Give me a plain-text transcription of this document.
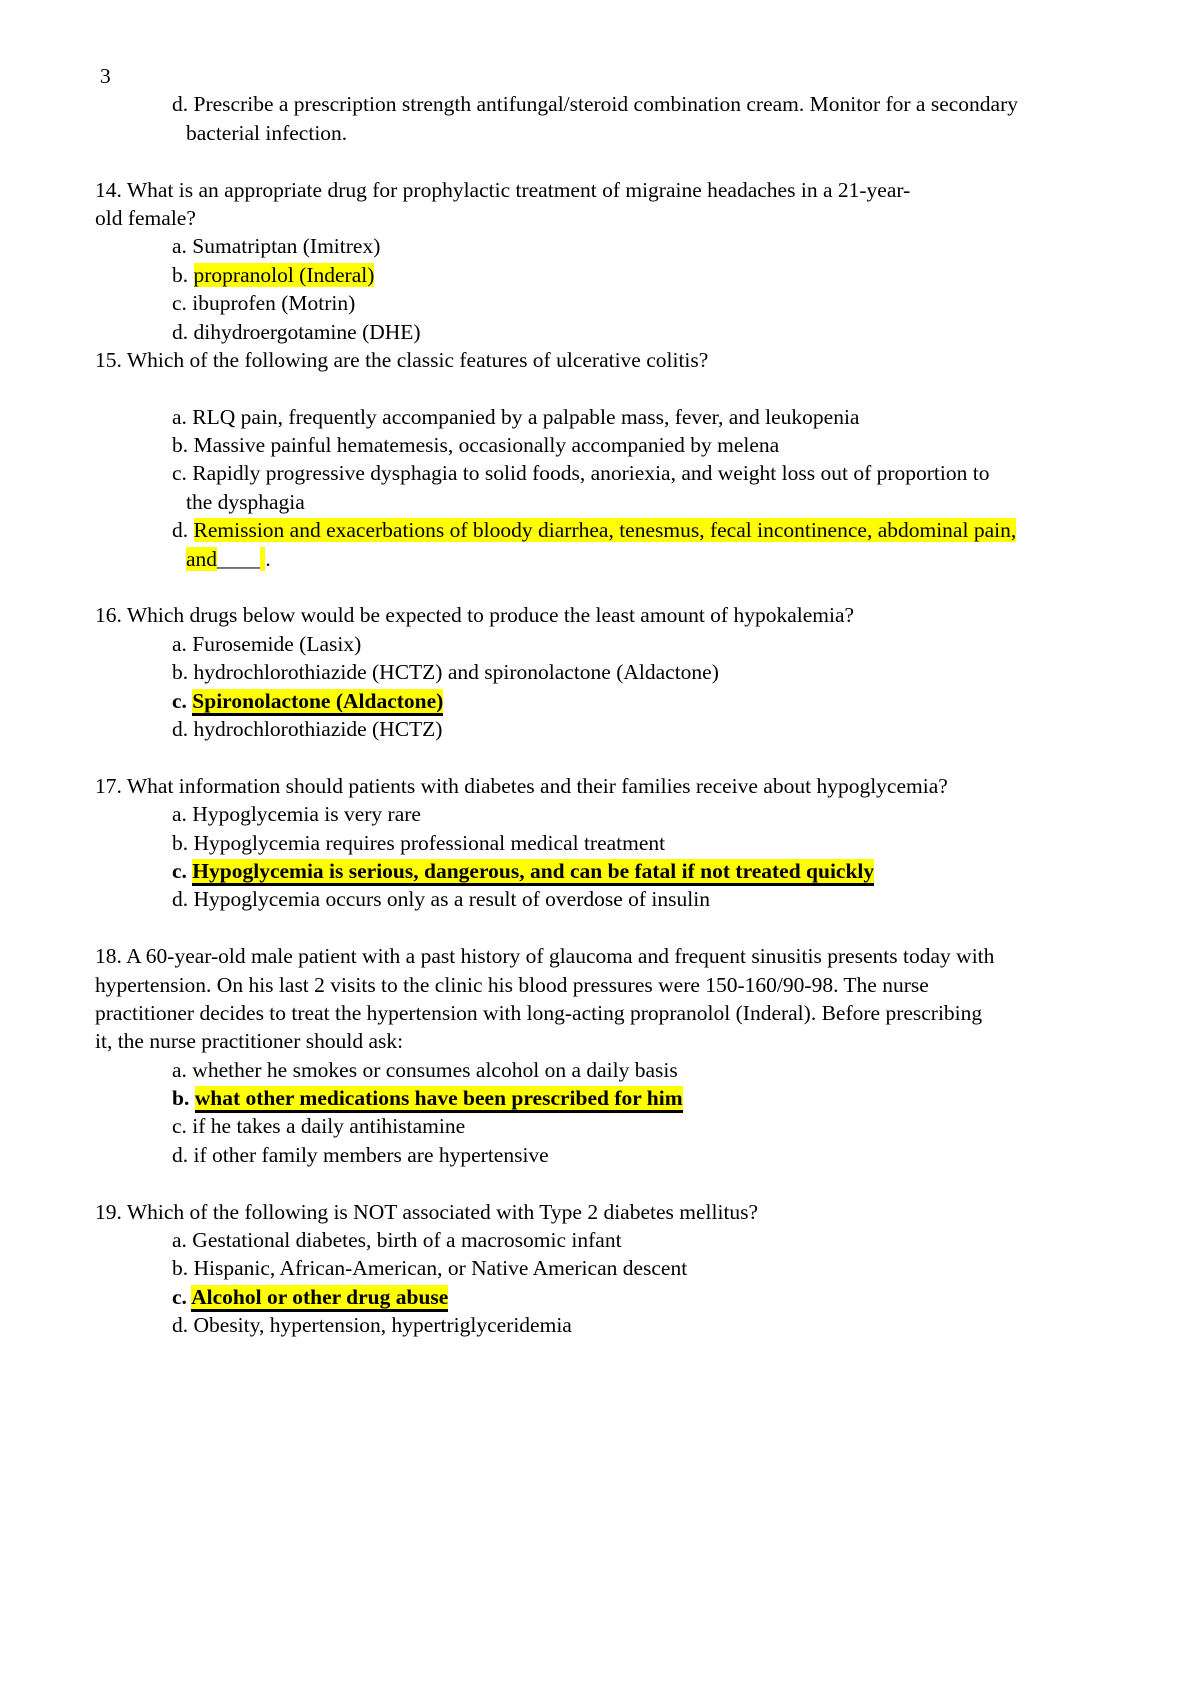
3
d. Prescribe a prescription strength antifungal/steroid combination cream. Monitor for a secondary
bacterial infection.
14. What is an appropriate drug for prophylactic treatment of migraine headaches in a 21-year-
old female?
a. Sumatriptan (Imitrex)
b. propranolol (Inderal)
c. ibuprofen (Motrin)
d. dihydroergotamine (DHE)
15. Which of the following are the classic features of ulcerative colitis?
a. RLQ pain, frequently accompanied by a palpable mass, fever, and leukopenia
b. Massive painful hematemesis, occasionally accompanied by melena
c. Rapidly progressive dysphagia to solid foods, anoriexia, and weight loss out of proportion to
the dysphagia
d. Remission and exacerbations of bloody diarrhea, tenesmus, fecal incontinence, abdominal pain,
and____ .
16. Which drugs below would be expected to produce the least amount of hypokalemia?
a. Furosemide (Lasix)
b. hydrochlorothiazide (HCTZ) and spironolactone (Aldactone)
c. Spironolactone (Aldactone)
d. hydrochlorothiazide (HCTZ)
17. What information should patients with diabetes and their families receive about hypoglycemia?
a. Hypoglycemia is very rare
b. Hypoglycemia requires professional medical treatment
c. Hypoglycemia is serious, dangerous, and can be fatal if not treated quickly
d. Hypoglycemia occurs only as a result of overdose of insulin
18. A 60-year-old male patient with a past history of glaucoma and frequent sinusitis presents today with
hypertension. On his last 2 visits to the clinic his blood pressures were 150-160/90-98. The nurse
practitioner decides to treat the hypertension with long-acting propranolol (Inderal). Before prescribing
it, the nurse practitioner should ask:
a. whether he smokes or consumes alcohol on a daily basis
b. what other medications have been prescribed for him
c. if he takes a daily antihistamine
d. if other family members are hypertensive
19. Which of the following is NOT associated with Type 2 diabetes mellitus?
a. Gestational diabetes, birth of a macrosomic infant
b. Hispanic, African-American, or Native American descent
c. Alcohol or other drug abuse
d. Obesity, hypertension, hypertriglyceridemia
